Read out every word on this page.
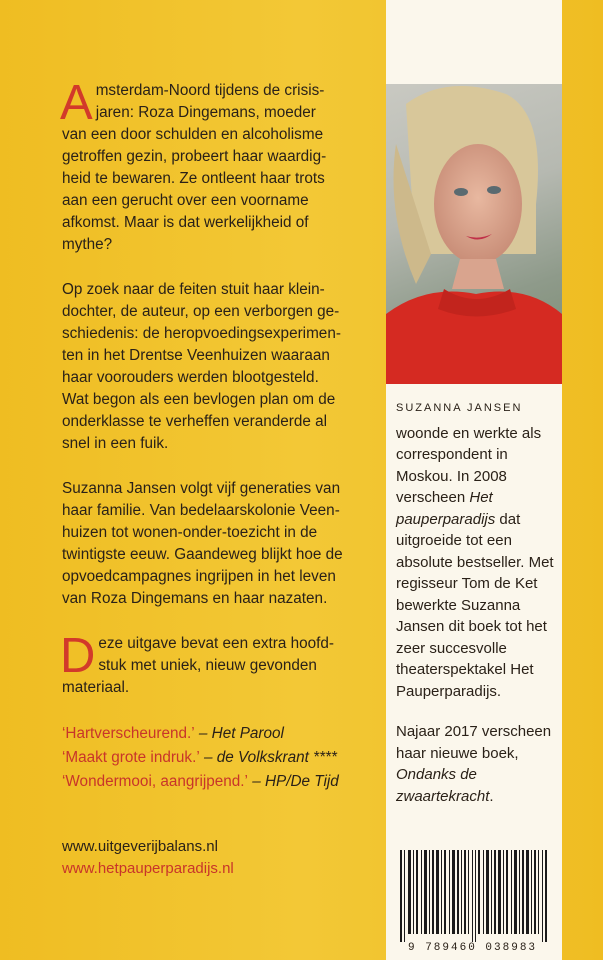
A msterdam-Noord tijdens de crisis-
jaren: Roza Dingemans, moeder
van een door schulden en alcoholisme
getroffen gezin, probeert haar waardig-
heid te bewaren. Ze ontleent haar trots
aan een gerucht over een voorname
afkomst. Maar is dat werkelijkheid of
mythe?

Op zoek naar de feiten stuit haar klein-
dochter, de auteur, op een verborgen ge-
schiedenis: de heropvoedingsexperimen-
ten in het Drentse Veenhuizen waaraan
haar voorouders werden blootgesteld.
Wat begon als een bevlogen plan om de
onderklasse te verheffen veranderde al
snel in een fuik.

Suzanna Jansen volgt vijf generaties van
haar familie. Van bedelaarskolonie Veen-
huizen tot wonen-onder-toezicht in de
twintigste eeuw. Gaandeweg blijkt hoe de
opvoedcampagnes ingrijpen in het leven
van Roza Dingemans en haar nazaten.

D eze uitgave bevat een extra hoofd-
stuk met uniek, nieuw gevonden
materiaal.

‘Hartverscheurend.’ – Het Parool
‘Maakt grote indruk.’ – de Volkskrant ****
‘Wondermooi, aangrijpend.’ – HP/De Tijd
www.uitgeverijbalans.nl
www.hetpauperparadijs.nl
SUZANNA JANSEN

woonde en werkte als correspondent in Moskou. In 2008 verscheen Het pauperparadijs dat uitgroeide tot een absolute bestseller. Met regisseur Tom de Ket bewerkte Suzanna Jansen dit boek tot het zeer succesvolle theaterspektakel Het Pauperparadijs.

Najaar 2017 verscheen haar nieuwe boek, Ondanks de zwaartekracht.

9 789460 038983
